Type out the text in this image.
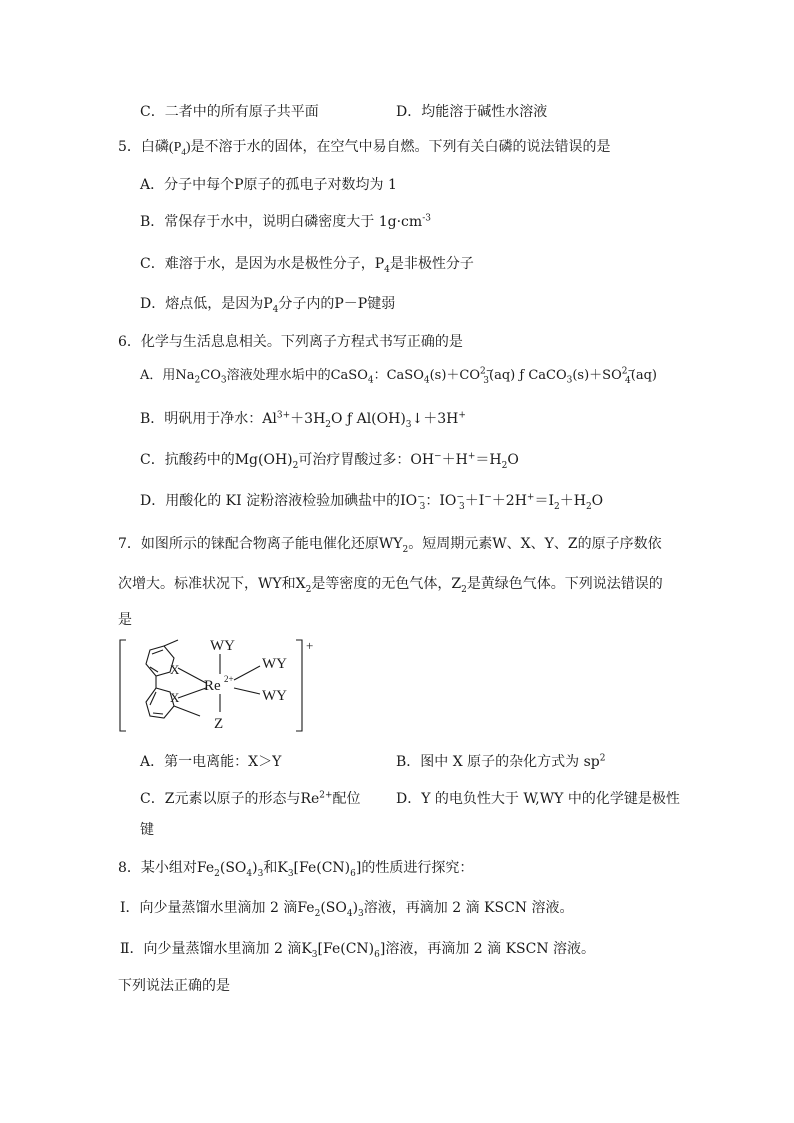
C．二者中的所有原子共平面	D．均能溶于碱性水溶液
5．白磷$(P_4)$是不溶于水的固体，在空气中易自燃。下列有关白磷的说法错误的是
A．分子中每个P原子的孤电子对数均为 1
B．常保存于水中，说明白磷密度大于 $1g\cdot cm^{-3}$
C．难溶于水，是因为水是极性分子，$P_4$是非极性分子
D．熔点低，是因为$P_4$分子内的P－P键弱
6．化学与生活息息相关。下列离子方程式书写正确的是
A．用$Na_2CO_3$溶液处理水垢中的CaSO$_4$：$CaSO_4(s)+CO^{2-}_3(aq)$ ƒ $CaCO_3(s)+SO^{2-}_4(aq)$
B．明矾用于净水：$Al^{3+}+3H_2O$ ƒ $Al(OH)_3↓+3H^+$
C．抗酸药中的$Mg(OH)_2$可治疗胃酸过多：$OH^-+H^+=H_2O$
D．用酸化的 KI 淀粉溶液检验加碘盐中的$IO^-_3$：$IO^-_3+I^-+2H^+=I_2+H_2O$
7．如图所示的铼配合物离子能电催化还原$WY_2$。短周期元素W、X、Y、Z的原子序数依
次增大。标准状况下，WY和$X_2$是等密度的无色气体，$Z_2$是黄绿色气体。下列说法错误的
是
WY
WY
WY
Z
Re 2+
X
X
+
A．第一电离能：X＞Y	B．图中 X 原子的杂化方式为 $sp^2$
C．Z元素以原子的形态与$Re^{2+}$配位	D．Y 的电负性大于 W,WY 中的化学键是极性
键
8．某小组对$Fe_2(SO_4)_3$和$K_3[Fe(CN)_6]$的性质进行探究：
Ⅰ．向少量蒸馏水里滴加 2 滴$Fe_2(SO_4)_3$溶液，再滴加 2 滴 KSCN 溶液。
Ⅱ．向少量蒸馏水里滴加 2 滴$K_3[Fe(CN)_6]$溶液，再滴加 2 滴 KSCN 溶液。
下列说法正确的是
